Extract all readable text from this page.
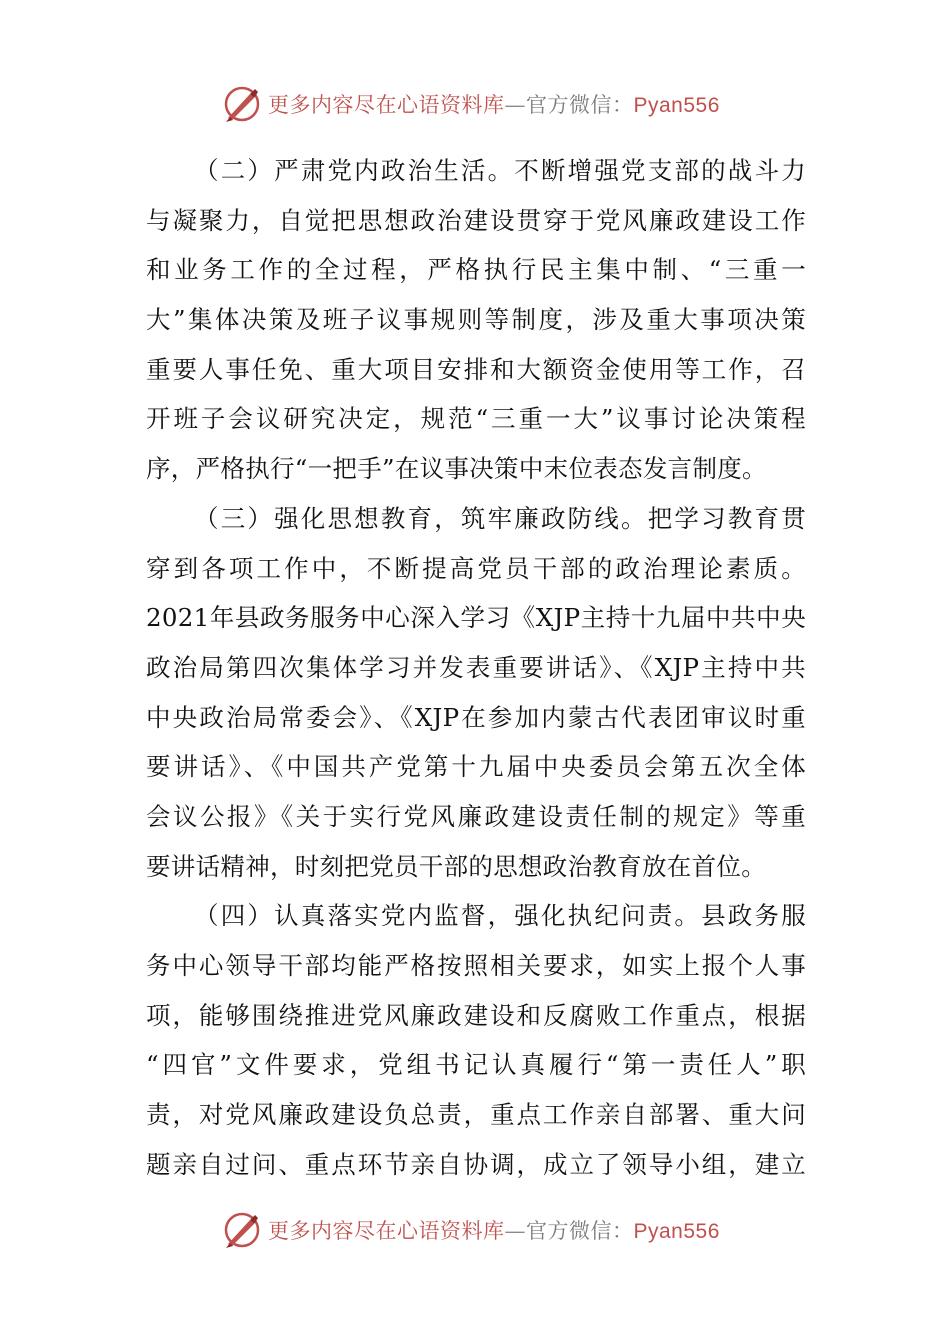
更多内容尽在心语资料库—官方微信：Pyan556
（二）严肃党内政治生活。不断增强党支部的战斗力
与凝聚力，自觉把思想政治建设贯穿于党风廉政建设工作
和业务工作的全过程，严格执行民主集中制、“三重一
大”集体决策及班子议事规则等制度，涉及重大事项决策
重要人事任免、重大项目安排和大额资金使用等工作，召
开班子会议研究决定，规范“三重一大”议事讨论决策程
序，严格执行“一把手”在议事决策中末位表态发言制度。
（三）强化思想教育，筑牢廉政防线。把学习教育贯
穿到各项工作中，不断提高党员干部的政治理论素质。
2021年县政务服务中心深入学习《XJP主持十九届中共中央
政治局第四次集体学习并发表重要讲话》、《XJP主持中共
中央政治局常委会》、《XJP在参加内蒙古代表团审议时重
要讲话》、《中国共产党第十九届中央委员会第五次全体
会议公报》《关于实行党风廉政建设责任制的规定》等重
要讲话精神，时刻把党员干部的思想政治教育放在首位。
（四）认真落实党内监督，强化执纪问责。县政务服
务中心领导干部均能严格按照相关要求，如实上报个人事
项，能够围绕推进党风廉政建设和反腐败工作重点，根据
“四官”文件要求，党组书记认真履行“第一责任人”职
责，对党风廉政建设负总责，重点工作亲自部署、重大问
题亲自过问、重点环节亲自协调，成立了领导小组，建立
更多内容尽在心语资料库—官方微信：Pyan556
